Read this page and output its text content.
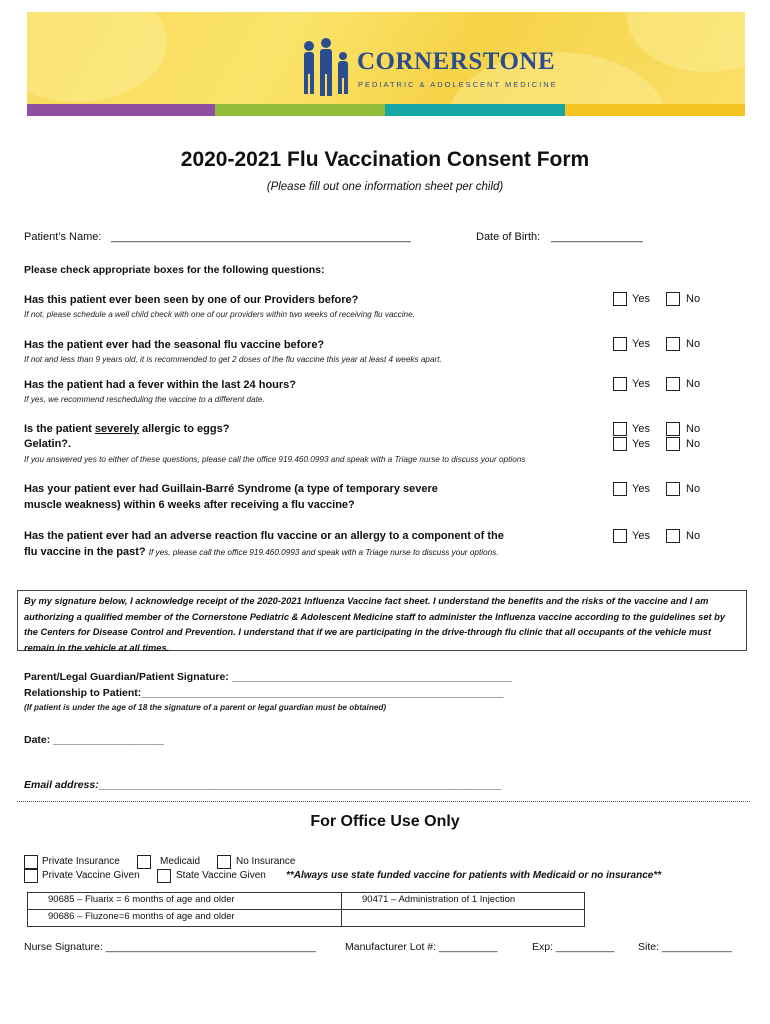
CORNERSTONE
PEDIATRIC & ADOLESCENT MEDICINE
2020-2021 Flu Vaccination Consent Form
(Please fill out one information sheet per child)
Patient’s Name: _________________________________________________	Date of Birth: _______________
Please check appropriate boxes for the following questions:
Has this patient ever been seen by one of our Providers before?
If not, please schedule a well child check with one of our providers within two weeks of receiving flu vaccine.
Yes	No
Has the patient ever had the seasonal flu vaccine before?
If not and less than 9 years old, it is recommended to get 2 doses of the flu vaccine this year at least 4 weeks apart.
Yes	No
Has the patient had a fever within the last 24 hours?
If yes, we recommend rescheduling the vaccine to a different date.
Yes	No
Is the patient severely allergic to eggs?
Gelatin?.
If you answered yes to either of these questions, please call the office 919.460.0993 and speak with a Triage nurse to discuss your options
Yes	No
Yes	No
Has your patient ever had Guillain-Barré Syndrome (a type of temporary severe
muscle weakness) within 6 weeks after receiving a flu vaccine?
Yes	No
Has the patient ever had an adverse reaction flu vaccine or an allergy to a component of the
flu vaccine in the past? If yes, please call the office 919.460.0993 and speak with a Triage nurse to discuss your options.
Yes	No
By my signature below, I acknowledge receipt of the 2020-2021 Influenza Vaccine fact sheet. I understand the benefits and the risks of the vaccine and I am authorizing a qualified member of the Cornerstone Pediatric & Adolescent Medicine staff to administer the Influenza vaccine according to the guidelines set by the Centers for Disease Control and Prevention. I understand that if we are participating in the drive-through flu clinic that all occupants of the vehicle must remain in the vehicle at all times.
Parent/Legal Guardian/Patient Signature: ________________________________________________
Relationship to Patient:______________________________________________________________
(If patient is under the age of 18 the signature of a parent or legal guardian must be obtained)
Date: ___________________
Email address:_____________________________________________________________________
For Office Use Only
Private Insurance	Medicaid	No Insurance
Private Vaccine Given	State Vaccine Given **Always use state funded vaccine for patients with Medicaid or no insurance**
90685 – Fluarix = 6 months of age and older	90471 – Administration of 1 Injection
90686 – Fluzone=6 months of age and older	
Nurse Signature: ____________________________________	Manufacturer Lot #: __________	Exp: __________ Site: ____________
